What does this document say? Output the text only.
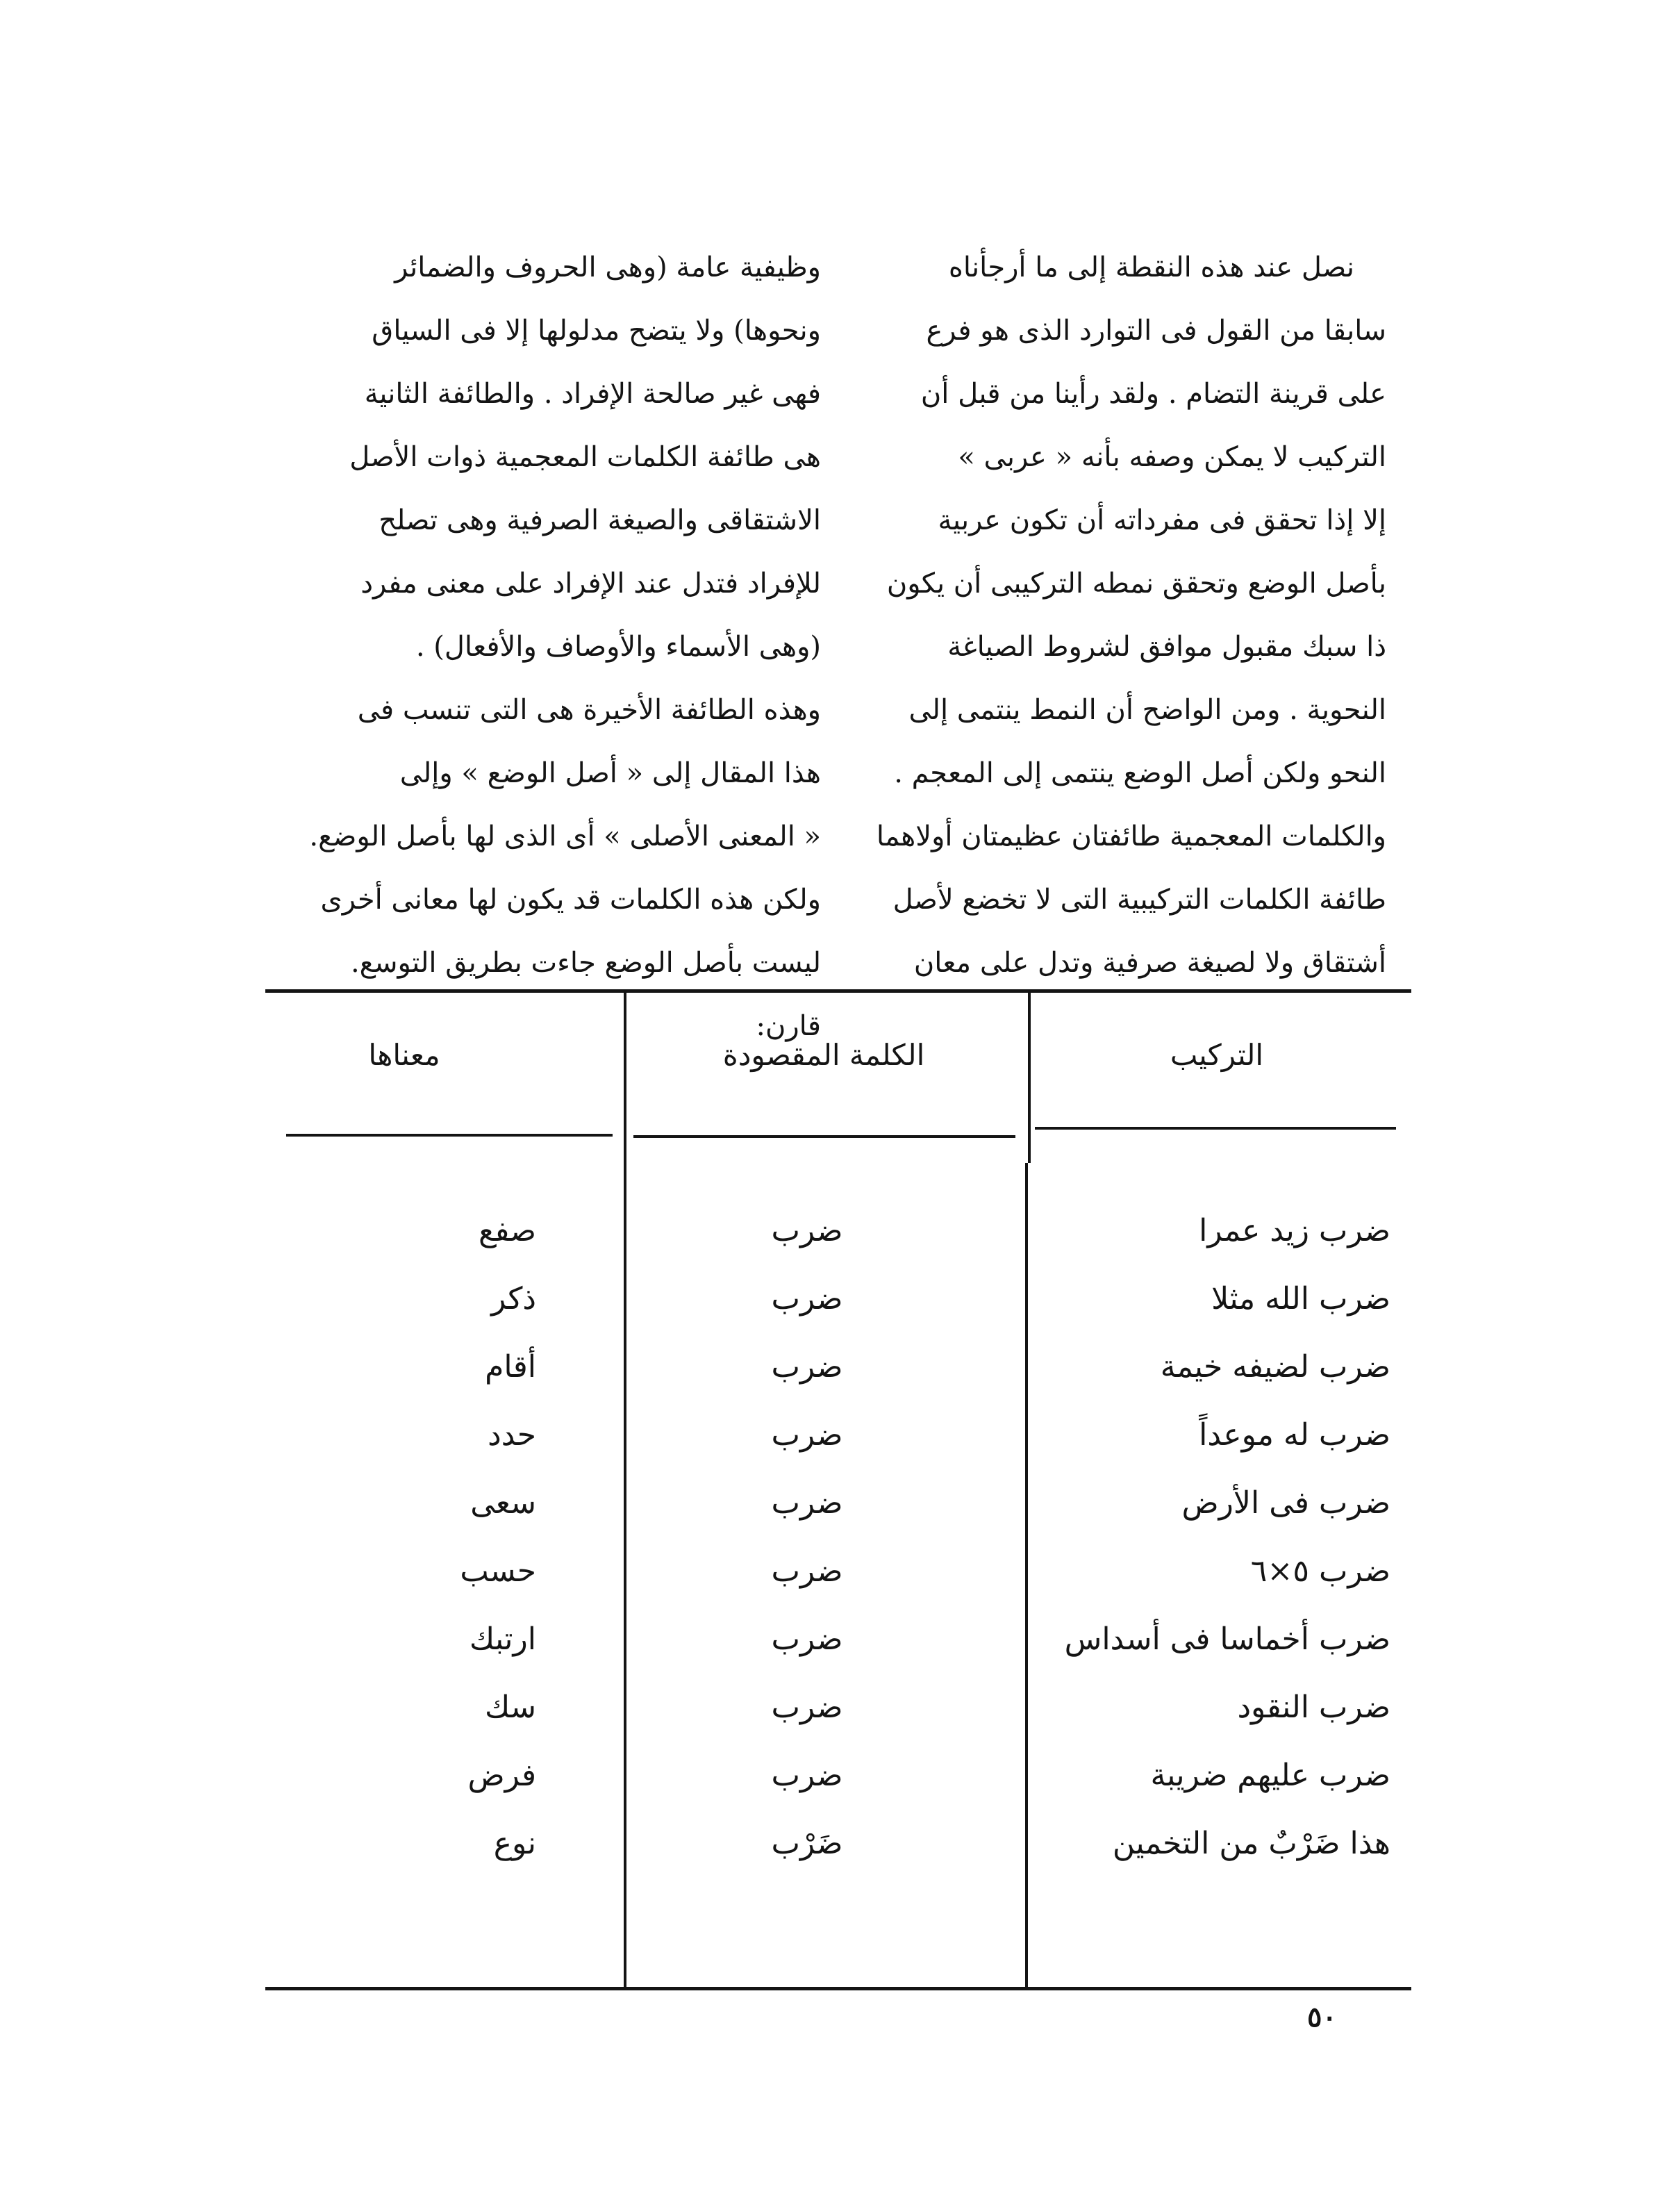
نصل عند هذه النقطة إلى ما أرجأناه

سابقا من القول فى التوارد الذى هو فرع

على قرينة التضام . ولقد رأينا من قبل أن

التركيب لا يمكن وصفه بأنه « عربى »

إلا إذا تحقق فى مفرداته أن تكون عربية

بأصل الوضع وتحقق نمطه التركيبى أن يكون

ذا سبك مقبول موافق لشروط الصياغة

النحوية . ومن الواضح أن النمط ينتمى إلى

النحو ولكن أصل الوضع ينتمى إلى المعجم .

والكلمات المعجمية طائفتان عظيمتان أولاهما

طائفة الكلمات التركيبية التى لا تخضع لأصل

أشتقاق ولا لصيغة صرفية وتدل على معان

وظيفية عامة (وهى الحروف والضمائر

ونحوها) ولا يتضح مدلولها إلا فى السياق

فهى غير صالحة الإفراد . والطائفة الثانية

هى طائفة الكلمات المعجمية ذوات الأصل

الاشتقاقى والصيغة الصرفية وهى تصلح

للإفراد فتدل عند الإفراد على معنى مفرد

(وهى الأسماء والأوصاف والأفعال) .

وهذه الطائفة الأخيرة هى التى تنسب فى

هذا المقال إلى « أصل الوضع » وإلى

« المعنى الأصلى » أى الذى لها بأصل الوضع.

ولكن هذه الكلمات قد يكون لها معانى أخرى

ليست بأصل الوضع جاءت بطريق التوسع.

قارن:

التركيب
الكلمة المقصودة
معناها
ضرب زيد عمرا
ضرب
صفع
ضرب الله مثلا
ضرب
ذكر
ضرب لضيفه خيمة
ضرب
أقام
ضرب له موعداً
ضرب
حدد
ضرب فى الأرض
ضرب
سعى
ضرب ٥×٦
ضرب
حسب
ضرب أخماسا فى أسداس
ضرب
ارتبك
ضرب النقود
ضرب
سك
ضرب عليهم ضريبة
ضرب
فرض
هذا ضَرْبٌ من التخمين
ضَرْب
نوع
٥٠
